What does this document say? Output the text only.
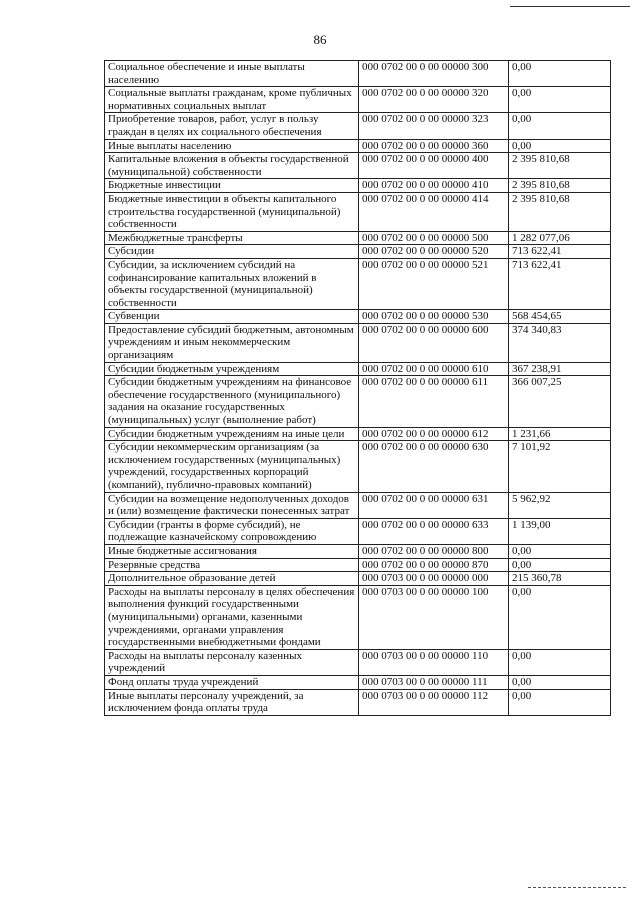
86
Социальное обеспечение и иные выплаты населению	000 0702 00 0 00 00000 300	0,00
Социальные выплаты гражданам, кроме публичных нормативных социальных выплат	000 0702 00 0 00 00000 320	0,00
Приобретение товаров, работ, услуг в пользу граждан в целях их социального обеспечения	000 0702 00 0 00 00000 323	0,00
Иные выплаты населению	000 0702 00 0 00 00000 360	0,00
Капитальные вложения в объекты государственной (муниципальной) собственности	000 0702 00 0 00 00000 400	2 395 810,68
Бюджетные инвестиции	000 0702 00 0 00 00000 410	2 395 810,68
Бюджетные инвестиции в объекты капитального строительства государственной (муниципальной) собственности	000 0702 00 0 00 00000 414	2 395 810,68
Межбюджетные трансферты	000 0702 00 0 00 00000 500	1 282 077,06
Субсидии	000 0702 00 0 00 00000 520	713 622,41
Субсидии, за исключением субсидий на софинансирование капитальных вложений в объекты государственной (муниципальной) собственности	000 0702 00 0 00 00000 521	713 622,41
Субвенции	000 0702 00 0 00 00000 530	568 454,65
Предоставление субсидий бюджетным, автономным учреждениям и иным некоммерческим организациям	000 0702 00 0 00 00000 600	374 340,83
Субсидии бюджетным учреждениям	000 0702 00 0 00 00000 610	367 238,91
Субсидии бюджетным учреждениям на финансовое обеспечение государственного (муниципального) задания на оказание государственных (муниципальных) услуг (выполнение работ)	000 0702 00 0 00 00000 611	366 007,25
Субсидии бюджетным учреждениям на иные цели	000 0702 00 0 00 00000 612	1 231,66
Субсидии некоммерческим организациям (за исключением государственных (муниципальных) учреждений, государственных корпораций (компаний), публично-правовых компаний)	000 0702 00 0 00 00000 630	7 101,92
Субсидии на возмещение недополученных доходов и (или) возмещение фактически понесенных затрат	000 0702 00 0 00 00000 631	5 962,92
Субсидии (гранты в форме субсидий), не подлежащие казначейскому сопровождению	000 0702 00 0 00 00000 633	1 139,00
Иные бюджетные ассигнования	000 0702 00 0 00 00000 800	0,00
Резервные средства	000 0702 00 0 00 00000 870	0,00
Дополнительное образование детей	000 0703 00 0 00 00000 000	215 360,78
Расходы на выплаты персоналу в целях обеспечения выполнения функций государственными (муниципальными) органами, казенными учреждениями, органами управления государственными внебюджетными фондами	000 0703 00 0 00 00000 100	0,00
Расходы на выплаты персоналу казенных учреждений	000 0703 00 0 00 00000 110	0,00
Фонд оплаты труда учреждений	000 0703 00 0 00 00000 111	0,00
Иные выплаты персоналу учреждений, за исключением фонда оплаты труда	000 0703 00 0 00 00000 112	0,00
